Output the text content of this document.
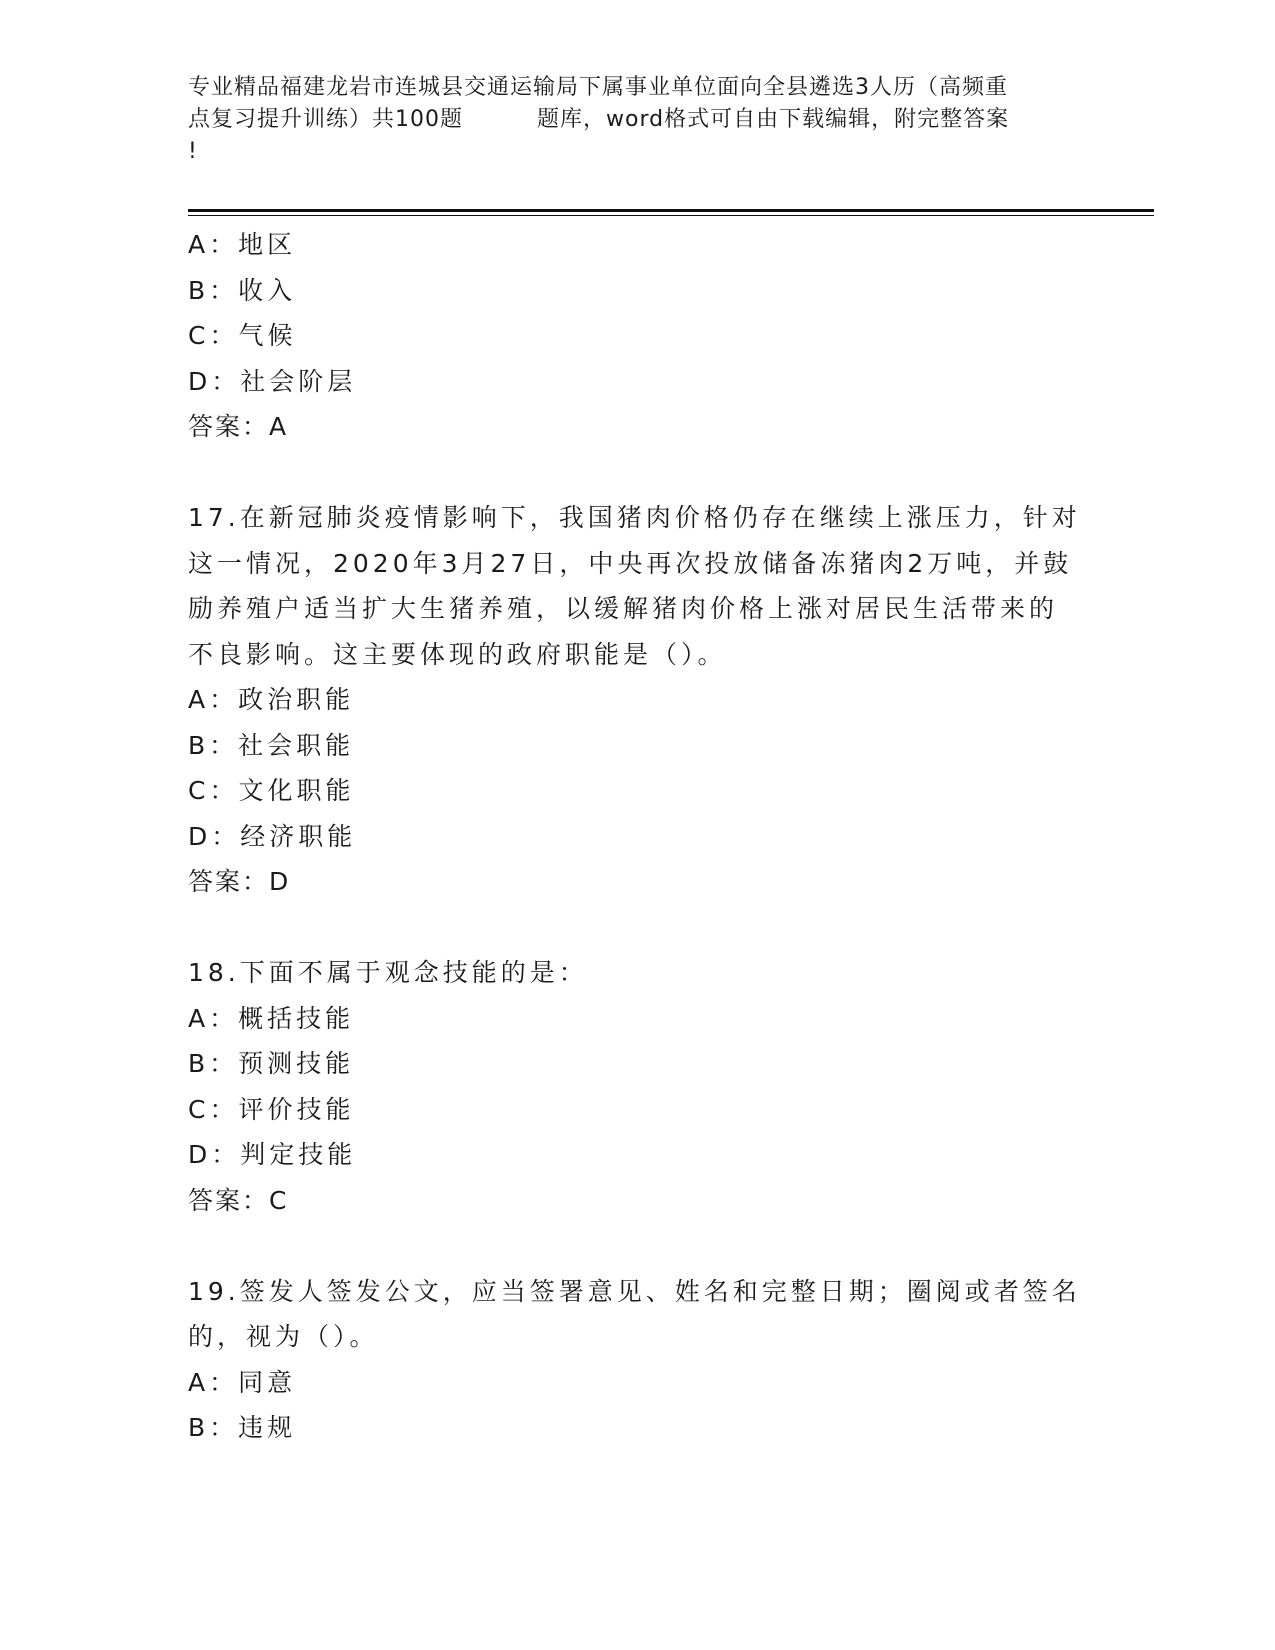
专业精品福建龙岩市连城县交通运输局下属事业单位面向全县遴选3人历（高频重
点复习提升训练）共100题	题库，word格式可自由下载编辑，附完整答案
!
A：地区
B：收入
C：气候
D：社会阶层
答案：A
17.在新冠肺炎疫情影响下，我国猪肉价格仍存在继续上涨压力，针对
这一情况，2020年3月27日，中央再次投放储备冻猪肉2万吨，并鼓
励养殖户适当扩大生猪养殖，以缓解猪肉价格上涨对居民生活带来的
不良影响。这主要体现的政府职能是（）。
A：政治职能
B：社会职能
C：文化职能
D：经济职能
答案：D
18.下面不属于观念技能的是：
A：概括技能
B：预测技能
C：评价技能
D：判定技能
答案：C
19.签发人签发公文，应当签署意见、姓名和完整日期；圈阅或者签名
的，视为（）。
A：同意
B：违规
